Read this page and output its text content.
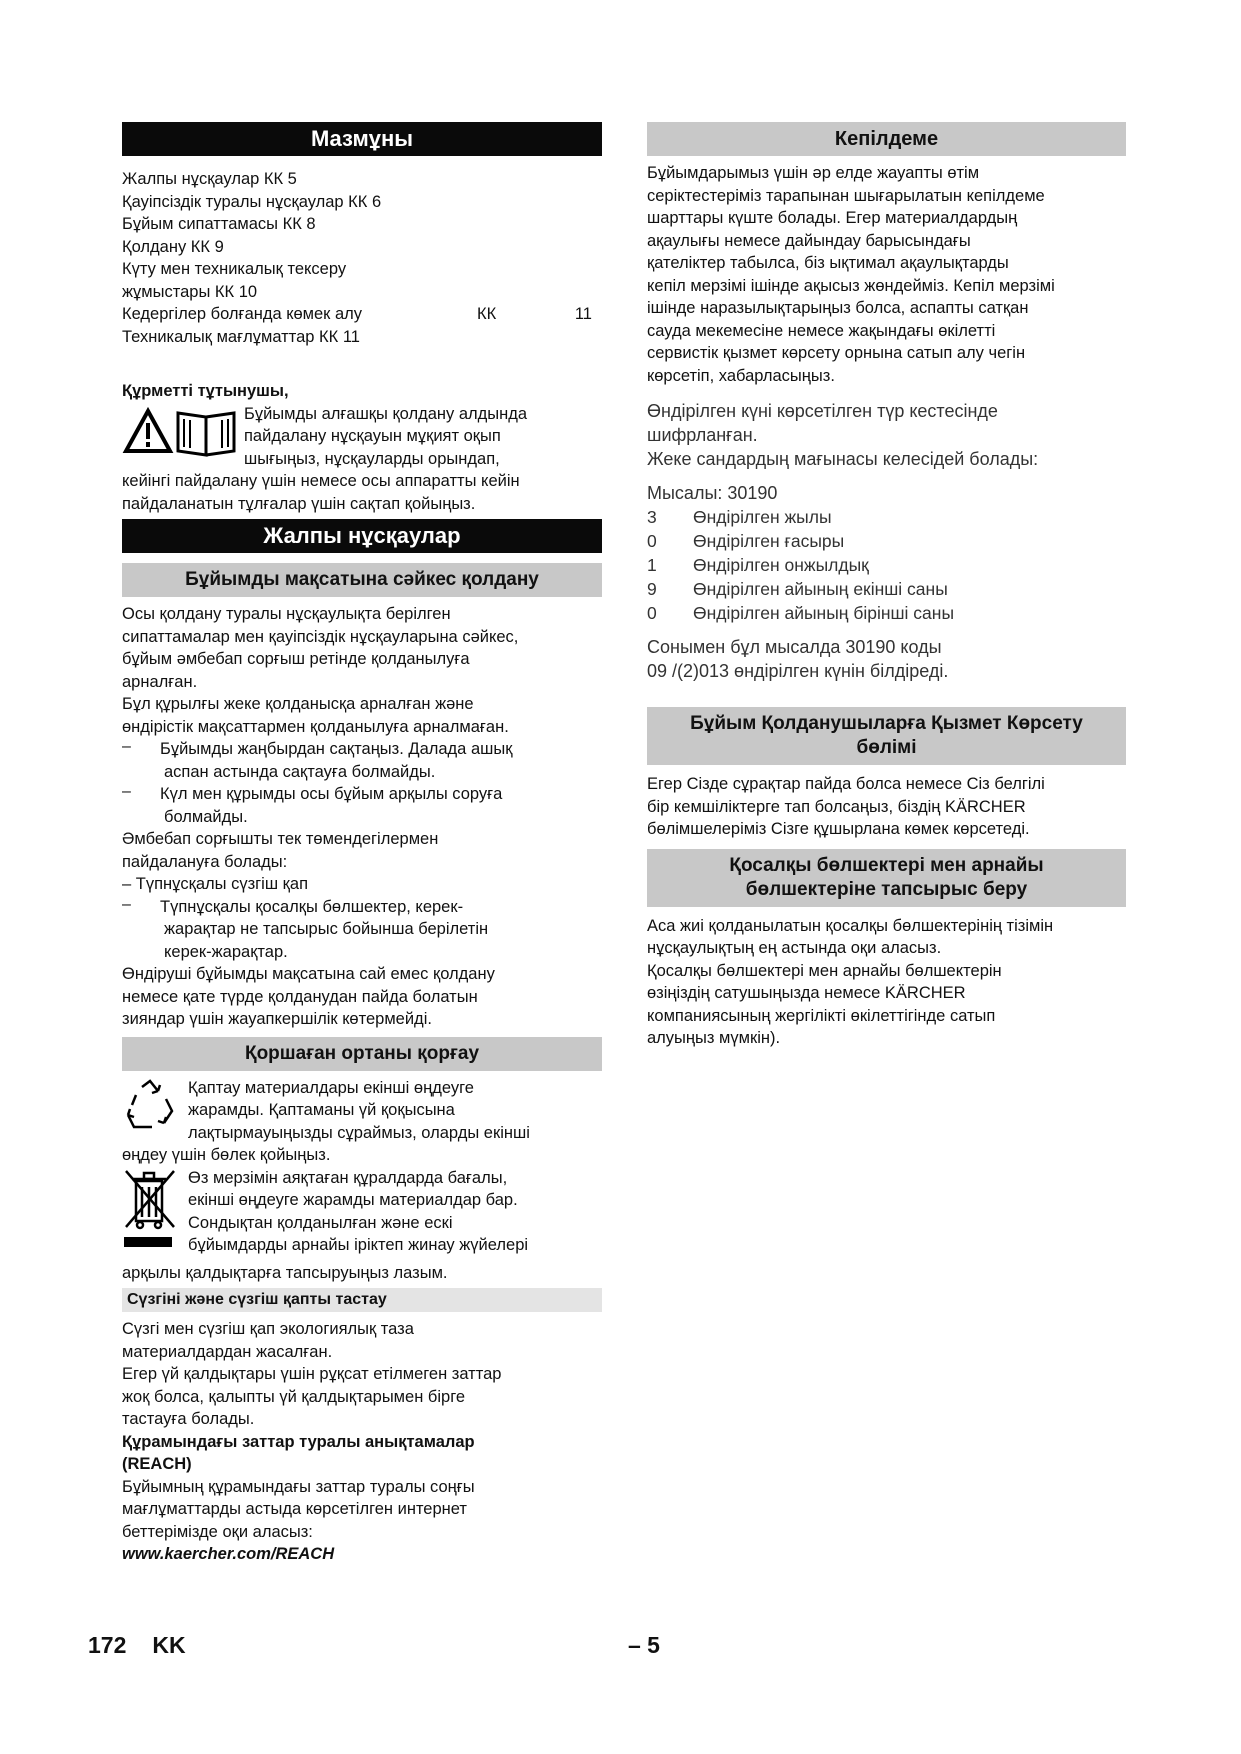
Мазмұны
Жалпы нұсқаулар КК 5
Қауіпсіздік туралы нұсқаулар КК 6
Бұйым сипаттамасы КК 8
Қолдану КК 9
Күту мен техникалық тексеру
жұмыстары КК 10
Кедергілер болғанда көмек алу	КК	11
Техникалық мағлұматтар КК 11

Құрметті тұтынушы,

Бұйымды алғашқы қолдану алдында
пайдалану нұсқауын мұқият оқып
шығыңыз, нұсқауларды орындап,
кейінгі пайдалану үшін немесе осы аппаратты кейін
пайдаланатын тұлғалар үшін сақтап қойыңыз.
Жалпы нұсқаулар
Бұйымды мақсатына сәйкес қолдану
Осы қолдану туралы нұсқаулықта берілген
сипаттамалар мен қауіпсіздік нұсқауларына сәйкес,
бұйым әмбебап сорғыш ретінде қолданылуға
арналған.
Бұл құрылғы жеке қолданысқа арналған және
өндірістік мақсаттармен қолданылуға арналмаған.
–	Бұйымды жаңбырдан сақтаңыз. Далада ашық
аспан астында сақтауға болмайды.
–	Күл мен құрымды осы бұйым арқылы соруға
болмайды.
Әмбебап сорғышты тек төмендегілермен
пайдалануға болады:
– Түпнұсқалы сүзгіш қап
–	Түпнұсқалы қосалқы бөлшектер, керек-
жарақтар не тапсырыс бойынша берілетін
керек-жарақтар.
Өндіруші бұйымды мақсатына сай емес қолдану
немесе қате түрде қолданудан пайда болатын
зияндар үшін жауапкершілік көтермейді.
Қоршаған ортаны қорғау
Қаптау материалдары екінші өңдеуге
жарамды. Қаптаманы үй қоқысына
лақтырмауыңызды сұраймыз, оларды екінші
өңдеу үшін бөлек қойыңыз.
Өз мерзімін аяқтаған құралдарда бағалы,
екінші өңдеуге жарамды материалдар бар.
Сондықтан қолданылған және ескі
бұйымдарды арнайы іріктеп жинау жүйелері
арқылы қалдықтарға тапсыруыңыз лазым.
Сүзгіні және сүзгіш қапты тастау
Сүзгі мен сүзгіш қап экологиялық таза
материалдардан жасалған.
Егер үй қалдықтары үшін рұқсат етілмеген заттар
жоқ болса, қалыпты үй қалдықтарымен бірге
тастауға болады.
Құрамындағы заттар туралы анықтамалар
(REACH)
Бұйымның құрамындағы заттар туралы соңғы
мағлұматтарды астыда көрсетілген интернет
беттерімізде оқи аласыз:
www.kaercher.com/REACH
Кепілдеме
Бұйымдарымыз үшін әр елде жауапты өтім
серіктестеріміз тарапынан шығарылатын кепілдеме
шарттары күште болады. Егер материалдардың
ақаулығы немесе дайындау барысындағы
қателіктер табылса, біз ықтимал ақаулықтарды
кепіл мерзімі ішінде ақысыз жөндейміз. Кепіл мерзімі
ішінде наразылықтарыңыз болса, аспапты сатқан
сауда мекемесіне немесе жақындағы өкілетті
сервистік қызмет көрсету орнына сатып алу чегін
көрсетіп, хабарласыңыз.
Өндірілген күні көрсетілген түр кестесінде
шифрланған.
Жеке сандардың мағынасы келесідей болады:
Мысалы: 30190
3	Өндірілген жылы
0	Өндірілген ғасыры
1	Өндірілген онжылдық
9	Өндірілген айының екінші саны
0	Өндірілген айының бірінші саны
Сонымен бұл мысалда 30190 коды
09 /(2)013 өндірілген күнін білдіреді.
Бұйым Қолданушыларға Қызмет Көрсету
бөлімі
Егер Сізде сұрақтар пайда болса немесе Сіз белгілі
бір кемшіліктерге тап болсаңыз, біздің KÄRCHER
бөлімшелеріміз Сізге құшырлана көмек көрсетеді.
Қосалқы бөлшектері мен арнайы
бөлшектеріне тапсырыс беру
Аса жиі қолданылатын қосалқы бөлшектерінің тізімін
нұсқаулықтың ең астында оқи аласыз.
Қосалқы бөлшектері мен арнайы бөлшектерін
өзіңіздің сатушыңызда немесе KÄRCHER
компаниясының жергілікті өкілеттігінде сатып
алуыңыз мүмкін).
172 KK	– 5
